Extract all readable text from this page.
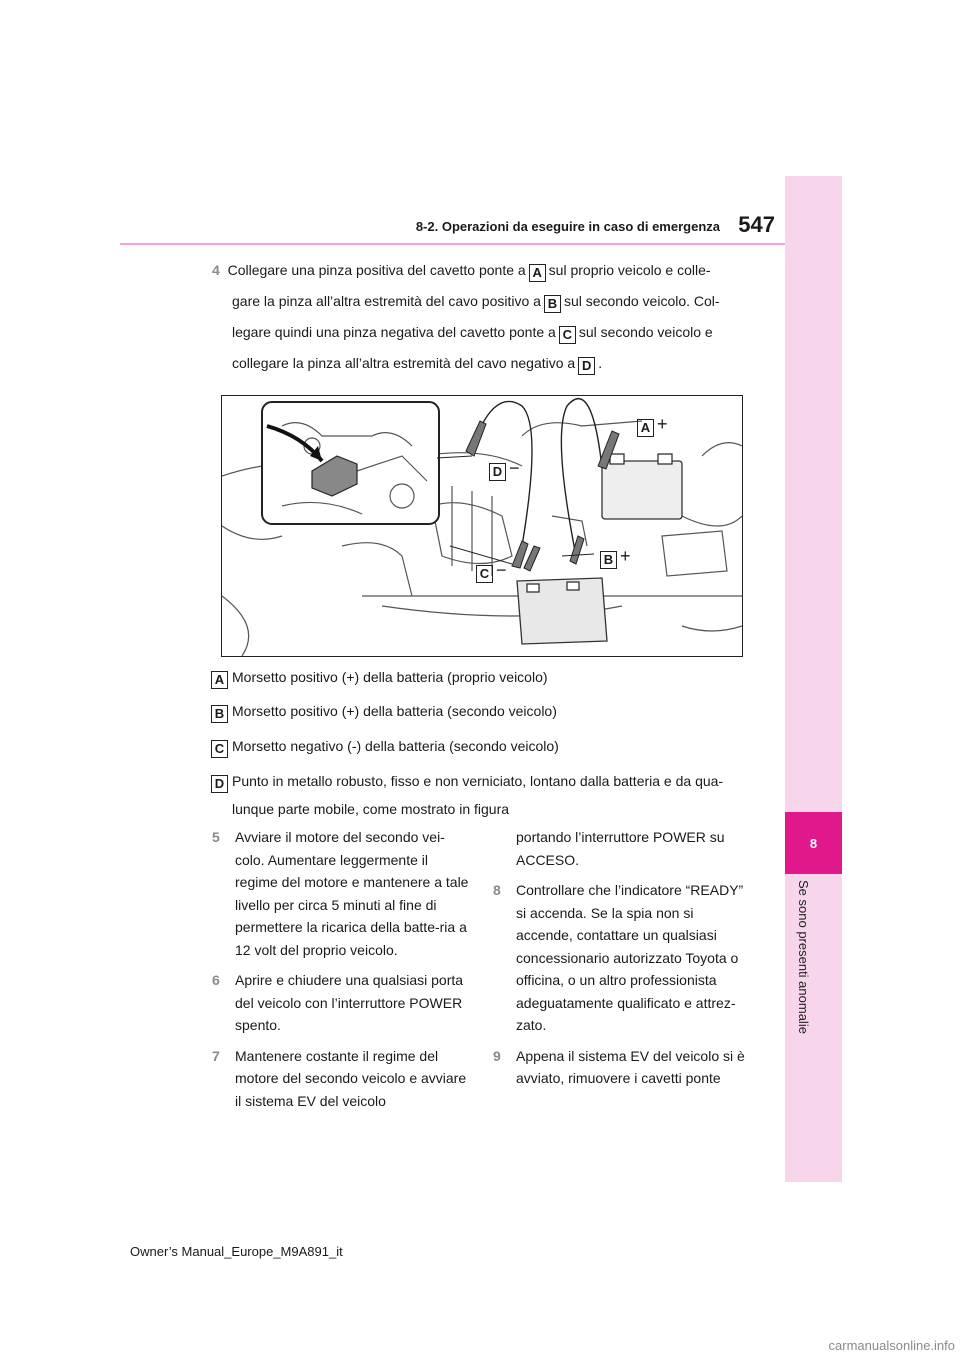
8
Se sono presenti anomalie
8-2. Operazioni da eseguire in caso di emergenza 547
4 Collegare una pinza positiva del cavetto ponte a A sul proprio veicolo e colle-
gare la pinza all’altra estremità del cavo positivo a B sul secondo veicolo. Col-
legare quindi una pinza negativa del cavetto ponte a C sul secondo veicolo e
collegare la pinza all’altra estremità del cavo negativo a D .
A +
D −
B +
C −
A Morsetto positivo (+) della batteria (proprio veicolo)
B Morsetto positivo (+) della batteria (secondo veicolo)
C Morsetto negativo (-) della batteria (secondo veicolo)
D Punto in metallo robusto, fisso e non verniciato, lontano dalla batteria e da qua-
lunque parte mobile, come mostrato in figura
5 Avviare il motore del secondo vei-colo. Aumentare leggermente il regime del motore e mantenere a tale livello per circa 5 minuti al fine di permettere la ricarica della batte-ria a 12 volt del proprio veicolo.
6 Aprire e chiudere una qualsiasi porta del veicolo con l’interruttore POWER spento.
7 Mantenere costante il regime del motore del secondo veicolo e avviare il sistema EV del veicolo
portando l’interruttore POWER su ACCESO.
8 Controllare che l’indicatore “READY” si accenda. Se la spia non si accende, contattare un qualsiasi concessionario autorizzato Toyota o officina, o un altro professionista adeguatamente qualificato e attrez-zato.
9 Appena il sistema EV del veicolo si è avviato, rimuovere i cavetti ponte
Owner’s Manual_Europe_M9A891_it
carmanualsonline.info
